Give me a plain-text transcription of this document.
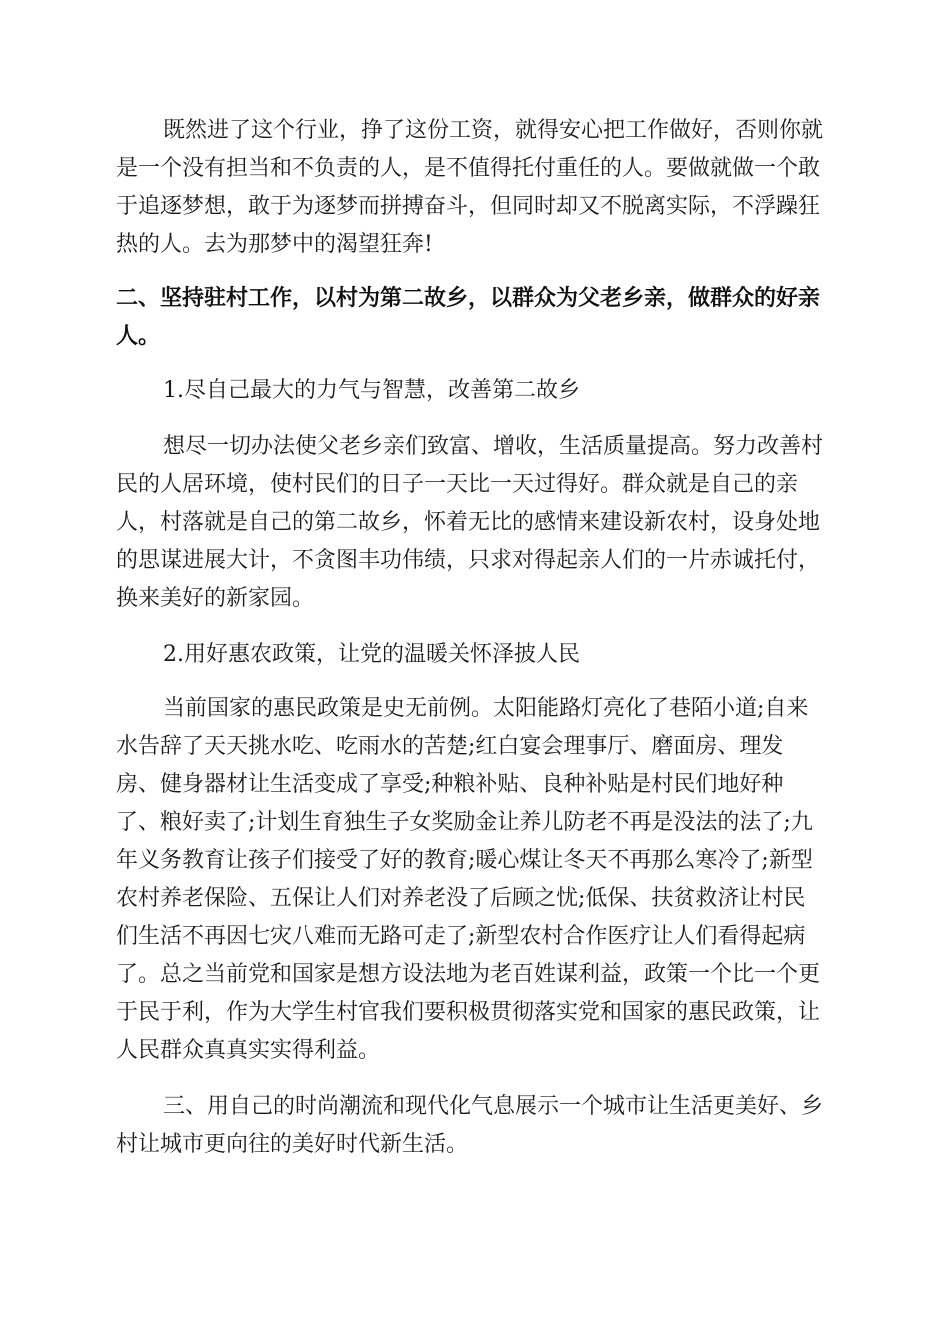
既然进了这个行业，挣了这份工资，就得安心把工作做好，否则你就
是一个没有担当和不负责的人，是不值得托付重任的人。要做就做一个敢
于追逐梦想，敢于为逐梦而拼搏奋斗，但同时却又不脱离实际，不浮躁狂
热的人。去为那梦中的渴望狂奔!
二、坚持驻村工作，以村为第二故乡，以群众为父老乡亲，做群众的好亲
人。
1.尽自己最大的力气与智慧，改善第二故乡
想尽一切办法使父老乡亲们致富、增收，生活质量提高。努力改善村
民的人居环境，使村民们的日子一天比一天过得好。群众就是自己的亲
人，村落就是自己的第二故乡，怀着无比的感情来建设新农村，设身处地
的思谋进展大计，不贪图丰功伟绩，只求对得起亲人们的一片赤诚托付，
换来美好的新家园。
2.用好惠农政策，让党的温暖关怀泽披人民
当前国家的惠民政策是史无前例。太阳能路灯亮化了巷陌小道;自来
水告辞了天天挑水吃、吃雨水的苦楚;红白宴会理事厅、磨面房、理发
房、健身器材让生活变成了享受;种粮补贴、良种补贴是村民们地好种
了、粮好卖了;计划生育独生子女奖励金让养儿防老不再是没法的法了;九
年义务教育让孩子们接受了好的教育;暖心煤让冬天不再那么寒冷了;新型
农村养老保险、五保让人们对养老没了后顾之忧;低保、扶贫救济让村民
们生活不再因七灾八难而无路可走了;新型农村合作医疗让人们看得起病
了。总之当前党和国家是想方设法地为老百姓谋利益，政策一个比一个更
于民于利，作为大学生村官我们要积极贯彻落实党和国家的惠民政策，让
人民群众真真实实得利益。
三、用自己的时尚潮流和现代化气息展示一个城市让生活更美好、乡
村让城市更向往的美好时代新生活。
